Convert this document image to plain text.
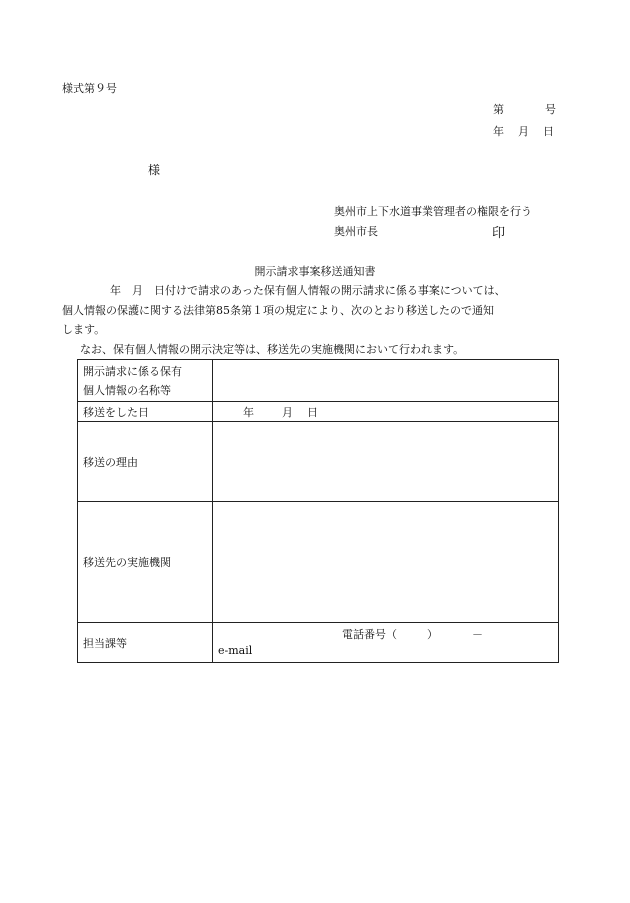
様式第９号
第	号
年 月 日
様
奥州市上下水道事業管理者の権限を行う
奥州市長	印
開示請求事案移送通知書

年　月　日付けで請求のあった保有個人情報の開示請求に係る事案については、

個人情報の保護に関する法律第85条第１項の規定により、次のとおり移送したので通知

します。

なお、保有個人情報の開示決定等は、移送先の実施機関において行われます。

開示請求に係る保有
個人情報の名称等	

移送をした日	年 月 日
移送の理由	
移送先の実施機関	
担当課等	電話番号（ ） －
e-mail
